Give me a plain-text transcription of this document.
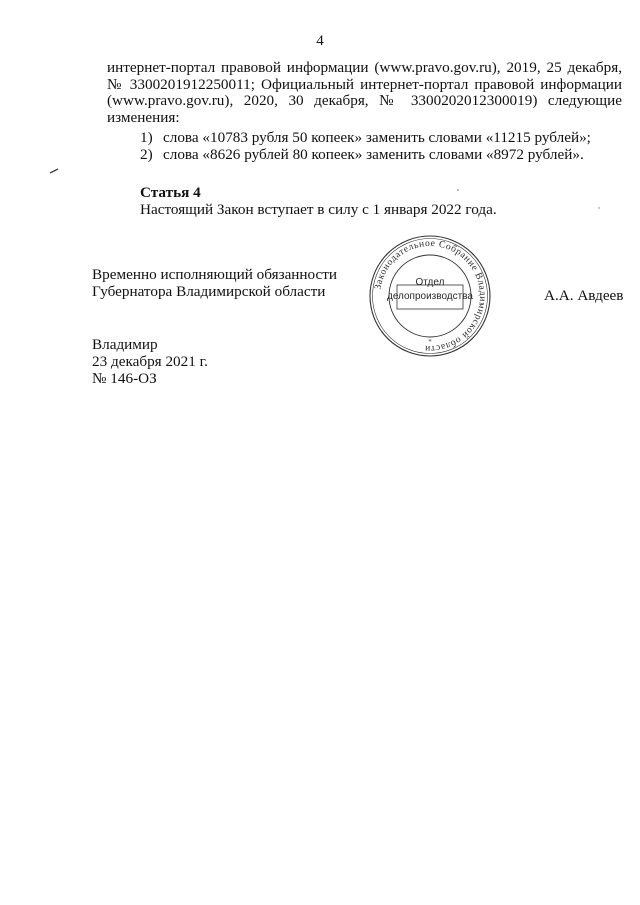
4
интернет-портал правовой информации (www.pravo.gov.ru), 2019, 25 декабря, № 3300201912250011; Официальный интернет-портал правовой информации (www.pravo.gov.ru), 2020, 30 декабря, № 3300202012300019) следующие изменения:
1) слова «10783 рубля 50 копеек» заменить словами «11215 рублей»;
2) слова «8626 рублей 80 копеек» заменить словами «8972 рублей».
Статья 4
Настоящий Закон вступает в силу с 1 января 2022 года.
Временно исполняющий обязанности
Губернатора Владимирской области	Законодательное Собрание Владимирской области
*
Отдел
делопроизводства	А.А. Авдеев
Владимир
23 декабря 2021 г.
№ 146-ОЗ
